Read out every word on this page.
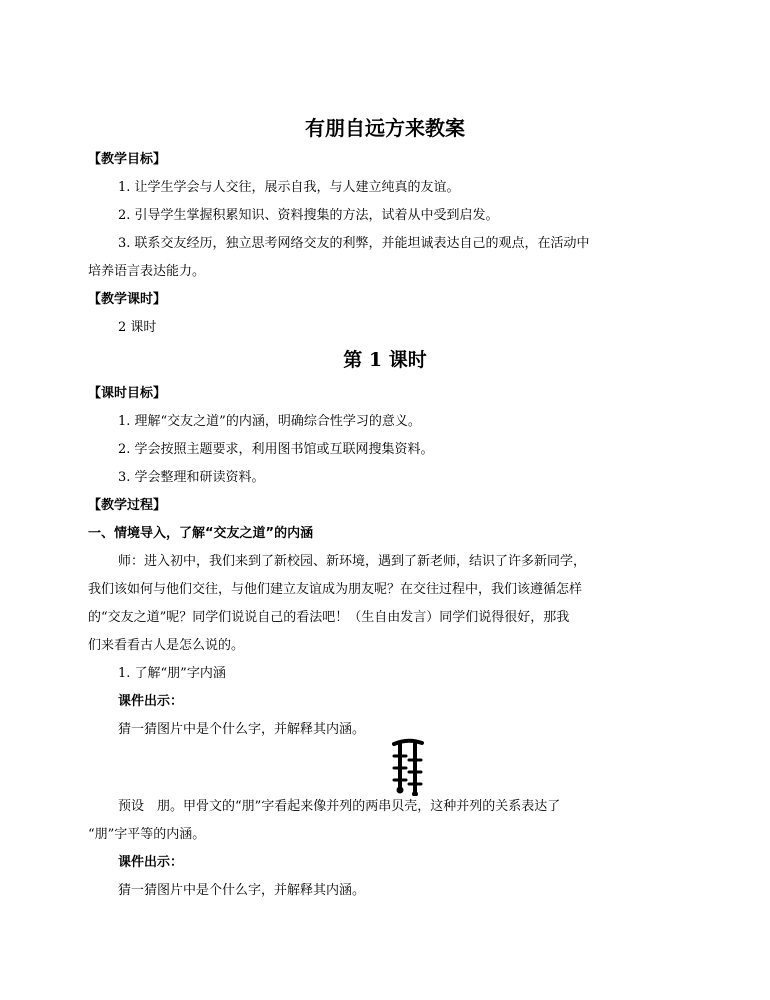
有朋自远方来教案
【教学目标】
1. 让学生学会与人交往，展示自我，与人建立纯真的友谊。
2. 引导学生掌握积累知识、资料搜集的方法，试着从中受到启发。
3. 联系交友经历，独立思考网络交友的利弊，并能坦诚表达自己的观点，在活动中
培养语言表达能力。
【教学课时】
2 课时
第 1 课时
【课时目标】
1. 理解“交友之道”的内涵，明确综合性学习的意义。
2. 学会按照主题要求，利用图书馆或互联网搜集资料。
3. 学会整理和研读资料。
【教学过程】
一、情境导入，了解“交友之道”的内涵
师：进入初中，我们来到了新校园、新环境，遇到了新老师，结识了许多新同学，
我们该如何与他们交往，与他们建立友谊成为朋友呢？在交往过程中，我们该遵循怎样
的“交友之道”呢？同学们说说自己的看法吧！（生自由发言）同学们说得很好，那我
们来看看古人是怎么说的。
1. 了解“朋”字内涵
课件出示：
猜一猜图片中是个什么字，并解释其内涵。
预设　朋。甲骨文的“朋”字看起来像并列的两串贝壳，这种并列的关系表达了
“朋”字平等的内涵。
课件出示：
猜一猜图片中是个什么字，并解释其内涵。
